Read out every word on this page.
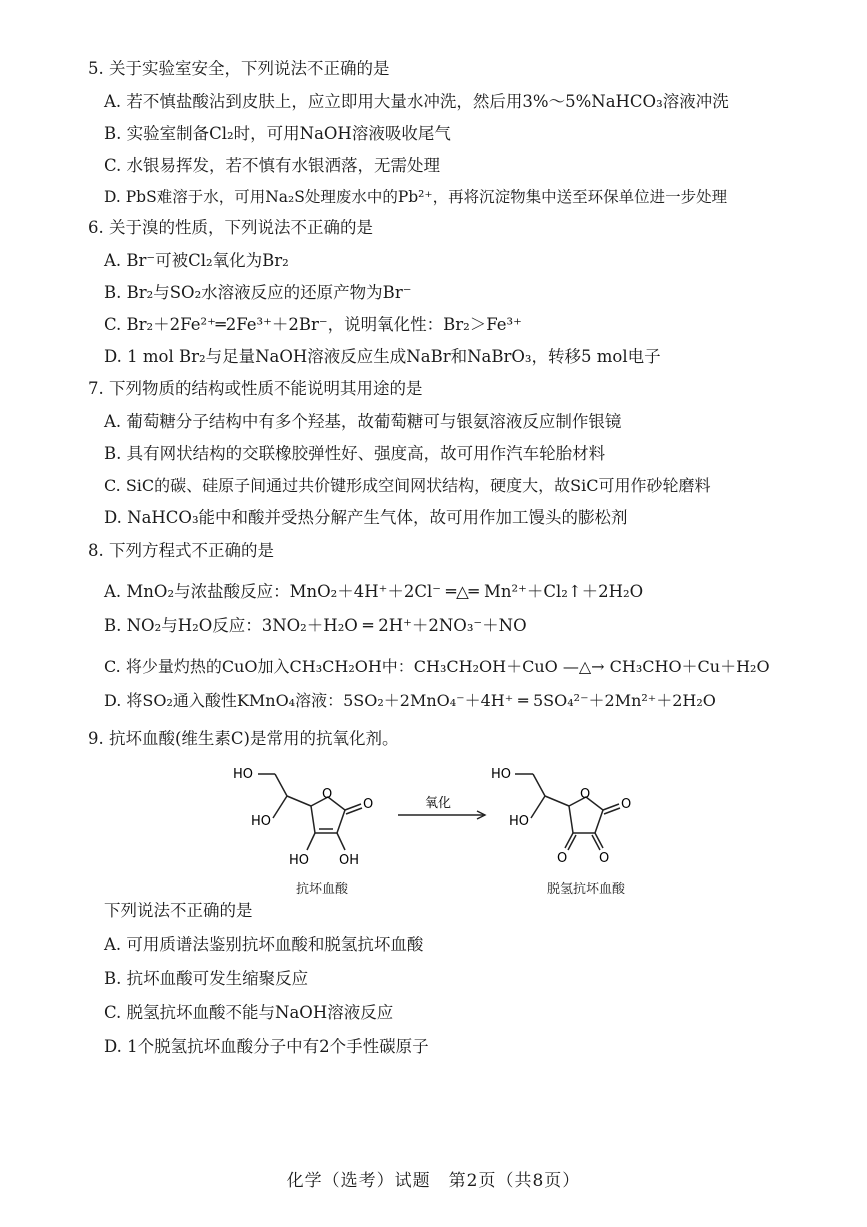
5. 关于实验室安全，下列说法不正确的是
A. 若不慎盐酸沾到皮肤上，应立即用大量水冲洗，然后用3%～5%NaHCO₃溶液冲洗
B. 实验室制备Cl₂时，可用NaOH溶液吸收尾气
C. 水银易挥发，若不慎有水银洒落，无需处理
D. PbS难溶于水，可用Na₂S处理废水中的Pb²⁺，再将沉淀物集中送至环保单位进一步处理
6. 关于溴的性质，下列说法不正确的是
A. Br⁻可被Cl₂氧化为Br₂
B. Br₂与SO₂水溶液反应的还原产物为Br⁻
C. Br₂＋2Fe²⁺═2Fe³⁺＋2Br⁻，说明氧化性：Br₂＞Fe³⁺
D. 1 mol Br₂与足量NaOH溶液反应生成NaBr和NaBrO₃，转移5 mol电子
7. 下列物质的结构或性质不能说明其用途的是
A. 葡萄糖分子结构中有多个羟基，故葡萄糖可与银氨溶液反应制作银镜
B. 具有网状结构的交联橡胶弹性好、强度高，故可用作汽车轮胎材料
C. SiC的碳、硅原子间通过共价键形成空间网状结构，硬度大，故SiC可用作砂轮磨料
D. NaHCO₃能中和酸并受热分解产生气体，故可用作加工馒头的膨松剂
8. 下列方程式不正确的是
A. MnO₂与浓盐酸反应：MnO₂＋4H⁺＋2Cl⁻ ═△═ Mn²⁺＋Cl₂↑＋2H₂O
B. NO₂与H₂O反应：3NO₂＋H₂O ═ 2H⁺＋2NO₃⁻＋NO
C. 将少量灼热的CuO加入CH₃CH₂OH中：CH₃CH₂OH＋CuO —△→ CH₃CHO＋Cu＋H₂O
D. 将SO₂通入酸性KMnO₄溶液：5SO₂＋2MnO₄⁻＋4H⁺ ═ 5SO₄²⁻＋2Mn²⁺＋2H₂O
9. 抗坏血酸(维生素C)是常用的抗氧化剂。
HO
HO
O
O
HO OH
氧化
HO
HO
O
O
O O
抗坏血酸	脱氢抗坏血酸
下列说法不正确的是
A. 可用质谱法鉴别抗坏血酸和脱氢抗坏血酸
B. 抗坏血酸可发生缩聚反应
C. 脱氢抗坏血酸不能与NaOH溶液反应
D. 1个脱氢抗坏血酸分子中有2个手性碳原子
化学（选考）试题　第2页（共8页）
